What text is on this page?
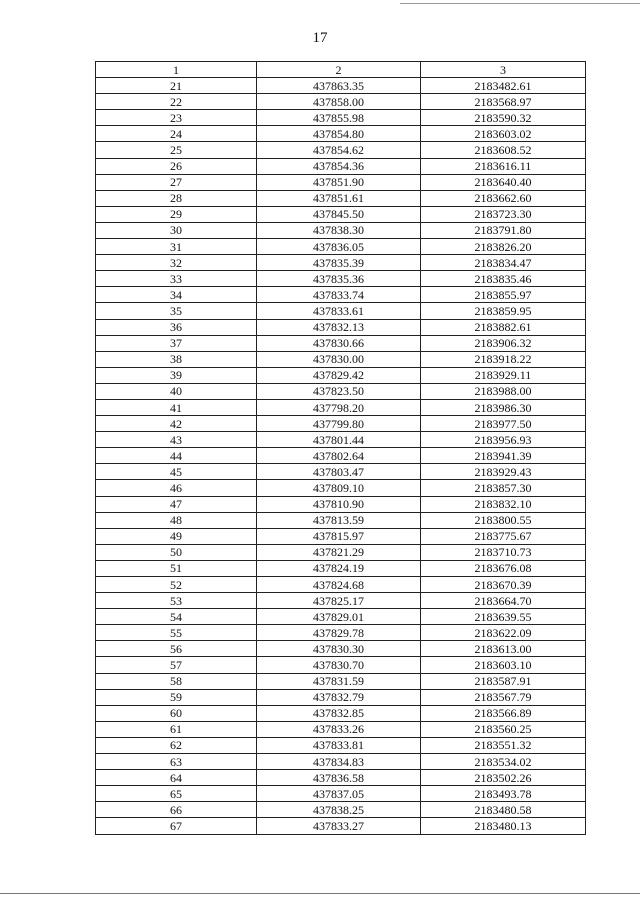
17
1	2	3
21	437863.35	2183482.61
22	437858.00	2183568.97
23	437855.98	2183590.32
24	437854.80	2183603.02
25	437854.62	2183608.52
26	437854.36	2183616.11
27	437851.90	2183640.40
28	437851.61	2183662.60
29	437845.50	2183723.30
30	437838.30	2183791.80
31	437836.05	2183826.20
32	437835.39	2183834.47
33	437835.36	2183835.46
34	437833.74	2183855.97
35	437833.61	2183859.95
36	437832.13	2183882.61
37	437830.66	2183906.32
38	437830.00	2183918.22
39	437829.42	2183929.11
40	437823.50	2183988.00
41	437798.20	2183986.30
42	437799.80	2183977.50
43	437801.44	2183956.93
44	437802.64	2183941.39
45	437803.47	2183929.43
46	437809.10	2183857.30
47	437810.90	2183832.10
48	437813.59	2183800.55
49	437815.97	2183775.67
50	437821.29	2183710.73
51	437824.19	2183676.08
52	437824.68	2183670.39
53	437825.17	2183664.70
54	437829.01	2183639.55
55	437829.78	2183622.09
56	437830.30	2183613.00
57	437830.70	2183603.10
58	437831.59	2183587.91
59	437832.79	2183567.79
60	437832.85	2183566.89
61	437833.26	2183560.25
62	437833.81	2183551.32
63	437834.83	2183534.02
64	437836.58	2183502.26
65	437837.05	2183493.78
66	437838.25	2183480.58
67	437833.27	2183480.13
